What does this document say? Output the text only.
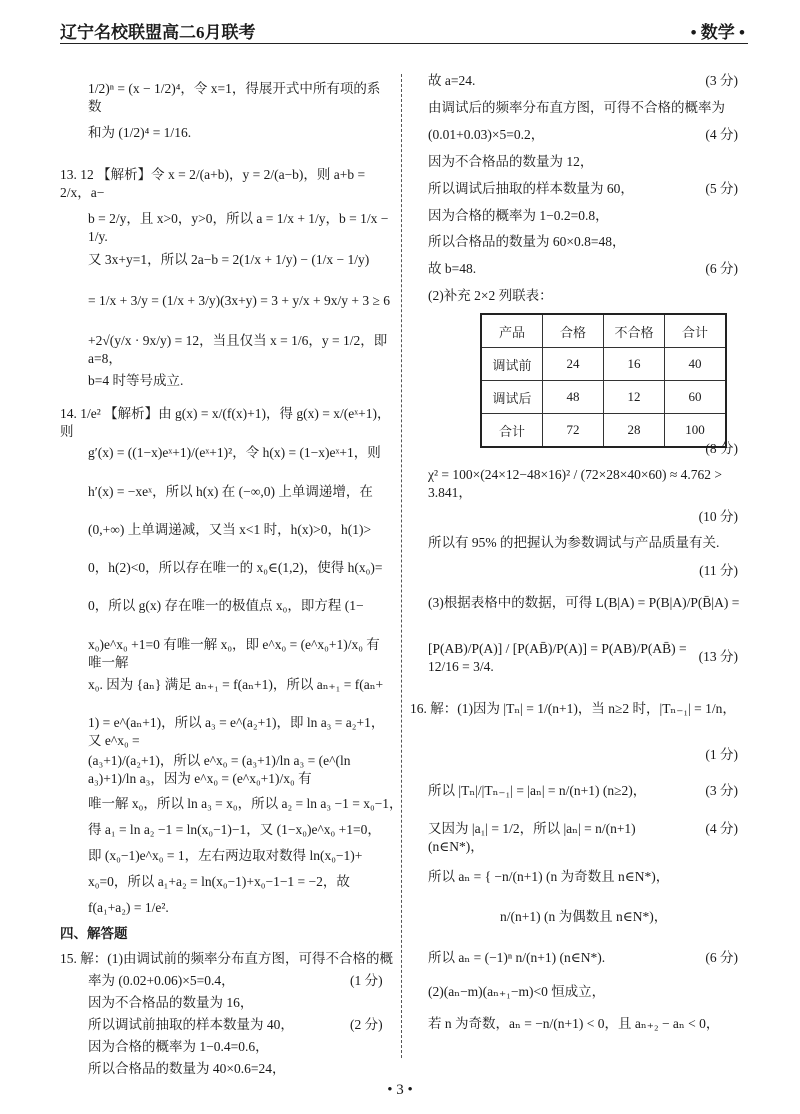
辽宁名校联盟高二6月联考	• 数学 •
1/2)ⁿ = (x − 1/2)⁴，令 x=1，得展开式中所有项的系数
和为 (1/2)⁴ = 1/16.
13. 12 【解析】令 x = 2/(a+b)，y = 2/(a−b)，则 a+b = 2/x，a−
b = 2/y，且 x>0，y>0，所以 a = 1/x + 1/y，b = 1/x − 1/y.
又 3x+y=1，所以 2a−b = 2(1/x + 1/y) − (1/x − 1/y)
= 1/x + 3/y = (1/x + 3/y)(3x+y) = 3 + y/x + 9x/y + 3 ≥ 6
+2√(y/x · 9x/y) = 12，当且仅当 x = 1/6，y = 1/2，即 a=8，
b=4 时等号成立.
14. 1/e² 【解析】由 g(x) = x/(f(x)+1)，得 g(x) = x/(eˣ+1)，则
g′(x) = ((1−x)eˣ+1)/(eˣ+1)²，令 h(x) = (1−x)eˣ+1，则
h′(x) = −xeˣ，所以 h(x) 在 (−∞,0) 上单调递增，在
(0,+∞) 上单调递减，又当 x<1 时，h(x)>0，h(1)>
0，h(2)<0，所以存在唯一的 x₀∈(1,2)，使得 h(x₀)=
0，所以 g(x) 存在唯一的极值点 x₀，即方程 (1−
x₀)e^x₀ +1=0 有唯一解 x₀，即 e^x₀ = (e^x₀+1)/x₀ 有唯一解
x₀. 因为 {aₙ} 满足 aₙ₊₁ = f(aₙ+1)，所以 aₙ₊₁ = f(aₙ+
1) = e^(aₙ+1)，所以 a₃ = e^(a₂+1)，即 ln a₃ = a₂+1，又 e^x₀ =
(a₃+1)/(a₂+1)，所以 e^x₀ = (a₃+1)/ln a₃ = (e^(ln a₃)+1)/ln a₃，因为 e^x₀ = (e^x₀+1)/x₀ 有
唯一解 x₀，所以 ln a₃ = x₀，所以 a₂ = ln a₃ −1 = x₀−1，
得 a₁ = ln a₂ −1 = ln(x₀−1)−1，又 (1−x₀)e^x₀ +1=0，
即 (x₀−1)e^x₀ = 1，左右两边取对数得 ln(x₀−1)+
x₀=0，所以 a₁+a₂ = ln(x₀−1)+x₀−1−1 = −2，故
f(a₁+a₂) = 1/e².
四、解答题
15. 解：(1)由调试前的频率分布直方图，可得不合格的概
率为 (0.02+0.06)×5=0.4，
因为不合格品的数量为 16，
所以调试前抽取的样本数量为 40，
因为合格的概率为 1−0.4=0.6，
所以合格品的数量为 40×0.6=24，
(1 分)
(2 分)
故 a=24.	(3 分)
由调试后的频率分布直方图，可得不合格的概率为
(0.01+0.03)×5=0.2，	(4 分)
因为不合格品的数量为 12，
所以调试后抽取的样本数量为 60，	(5 分)
因为合格的概率为 1−0.2=0.8，
所以合格品的数量为 60×0.8=48，
故 b=48.	(6 分)
(2)补充 2×2 列联表：
产品	合格	不合格	合计
调试前	24	16	40
调试后	48	12	60
合计	72	28	100
(8 分)
χ² = 100×(24×12−48×16)² / (72×28×40×60) ≈ 4.762 > 3.841，
(10 分)
所以有 95% 的把握认为参数调试与产品质量有关.
(11 分)
(3)根据表格中的数据，可得 L(B|A) = P(B|A)/P(B̄|A) =
[P(AB)/P(A)] / [P(AB̄)/P(A)] = P(AB)/P(AB̄) = 12/16 = 3/4.
(13 分)
16. 解：(1)因为 |Tₙ| = 1/(n+1)，当 n≥2 时，|Tₙ₋₁| = 1/n，
(1 分)
所以 |Tₙ|/|Tₙ₋₁| = |aₙ| = n/(n+1) (n≥2)，	(3 分)
又因为 |a₁| = 1/2，所以 |aₙ| = n/(n+1) (n∈N*)，
(4 分)
所以 aₙ = { −n/(n+1) (n 为奇数且 n∈N*)，
n/(n+1) (n 为偶数且 n∈N*)，
所以 aₙ = (−1)ⁿ n/(n+1) (n∈N*).	(6 分)
(2)(aₙ−m)(aₙ₊₁−m)<0 恒成立，
若 n 为奇数，aₙ = −n/(n+1) < 0，且 aₙ₊₂ − aₙ < 0，
• 3 •
